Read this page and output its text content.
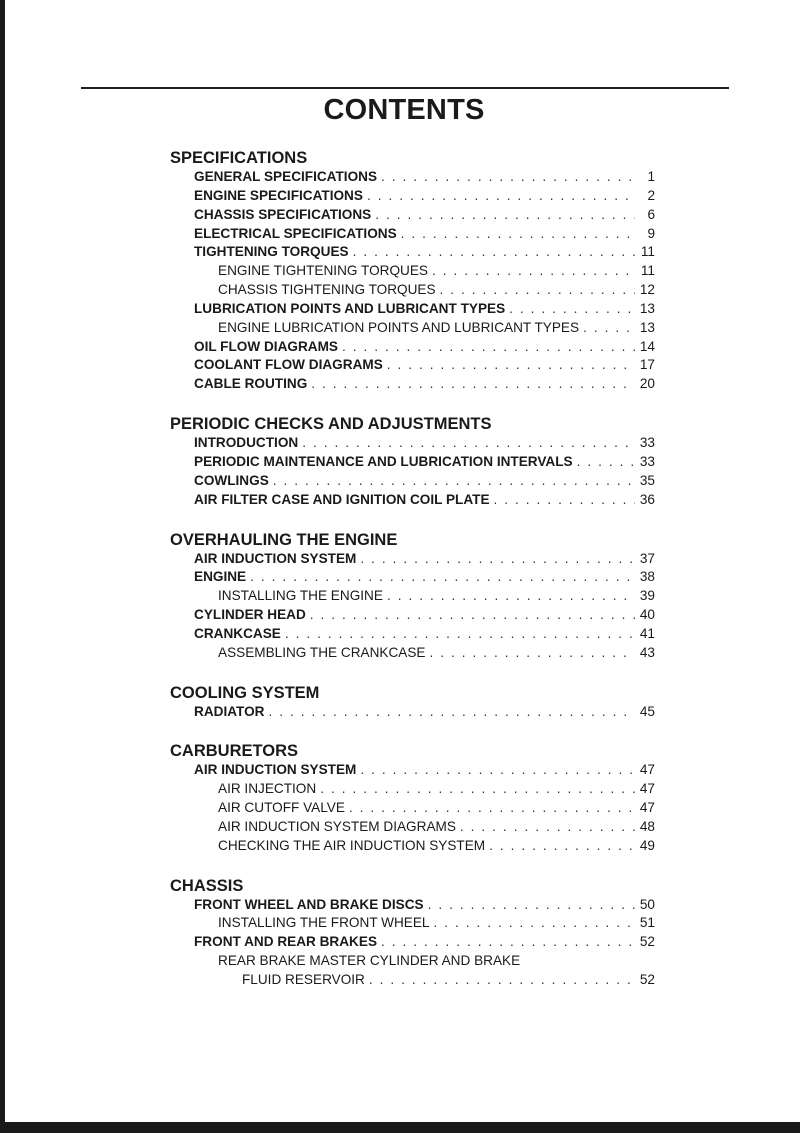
CONTENTS
SPECIFICATIONS
GENERAL SPECIFICATIONS . . .	1
ENGINE SPECIFICATIONS . . .	2
CHASSIS SPECIFICATIONS . . .	6
ELECTRICAL SPECIFICATIONS . . .	9
TIGHTENING TORQUES . . .	11
ENGINE TIGHTENING TORQUES . . .	11
CHASSIS TIGHTENING TORQUES . . .	12
LUBRICATION POINTS AND LUBRICANT TYPES . . .	13
ENGINE LUBRICATION POINTS AND LUBRICANT TYPES . . .	13
OIL FLOW DIAGRAMS . . .	14
COOLANT FLOW DIAGRAMS . . .	17
CABLE ROUTING . . .	20
PERIODIC CHECKS AND ADJUSTMENTS
INTRODUCTION . . .	33
PERIODIC MAINTENANCE AND LUBRICATION INTERVALS . . .	33
COWLINGS . . .	35
AIR FILTER CASE AND IGNITION COIL PLATE . . .	36
OVERHAULING THE ENGINE
AIR INDUCTION SYSTEM . . .	37
ENGINE . . .	38
INSTALLING THE ENGINE . . .	39
CYLINDER HEAD . . .	40
CRANKCASE . . .	41
ASSEMBLING THE CRANKCASE . . .	43
COOLING SYSTEM
RADIATOR . . .	45
CARBURETORS
AIR INDUCTION SYSTEM . . .	47
AIR INJECTION . . .	47
AIR CUTOFF VALVE . . .	47
AIR INDUCTION SYSTEM DIAGRAMS . . .	48
CHECKING THE AIR INDUCTION SYSTEM . . .	49
CHASSIS
FRONT WHEEL AND BRAKE DISCS . . .	50
INSTALLING THE FRONT WHEEL . . .	51
FRONT AND REAR BRAKES . . .	52
REAR BRAKE MASTER CYLINDER AND BRAKE
FLUID RESERVOIR . . .	52
